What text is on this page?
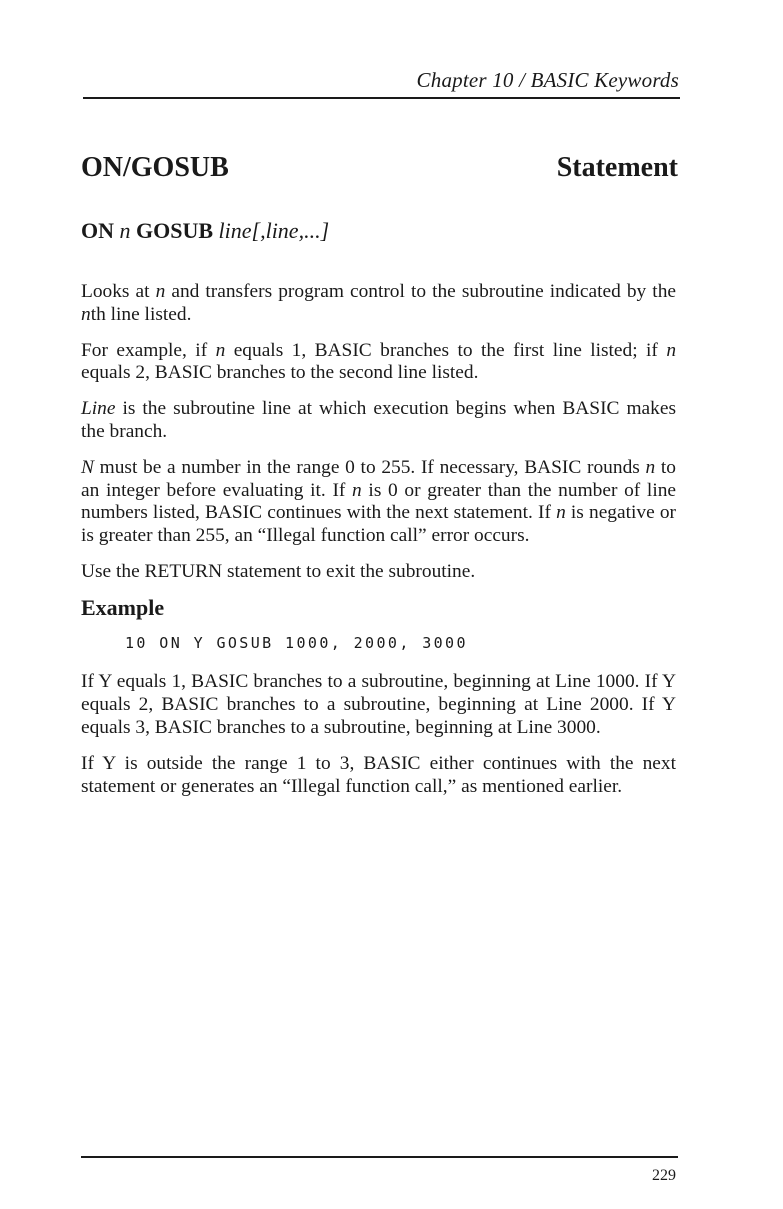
Chapter 10 / BASIC Keywords
ON/GOSUB	Statement
ON n GOSUB line[,line,...]

Looks at n and transfers program control to the subroutine indicated by the nth line listed.

For example, if n equals 1, BASIC branches to the first line listed; if n equals 2, BASIC branches to the second line listed.

Line is the subroutine line at which execution begins when BASIC makes the branch.

N must be a number in the range 0 to 255. If necessary, BASIC rounds n to an integer before evaluating it. If n is 0 or greater than the number of line numbers listed, BASIC continues with the next statement. If n is negative or is greater than 255, an “Illegal function call” error occurs.

Use the RETURN statement to exit the subroutine.

Example
10 ON Y GOSUB 1000, 2000, 3000

If Y equals 1, BASIC branches to a subroutine, beginning at Line 1000. If Y equals 2, BASIC branches to a subroutine, beginning at Line 2000. If Y equals 3, BASIC branches to a subroutine, beginning at Line 3000.

If Y is outside the range 1 to 3, BASIC either continues with the next statement or generates an “Illegal function call,” as mentioned earlier.

229
